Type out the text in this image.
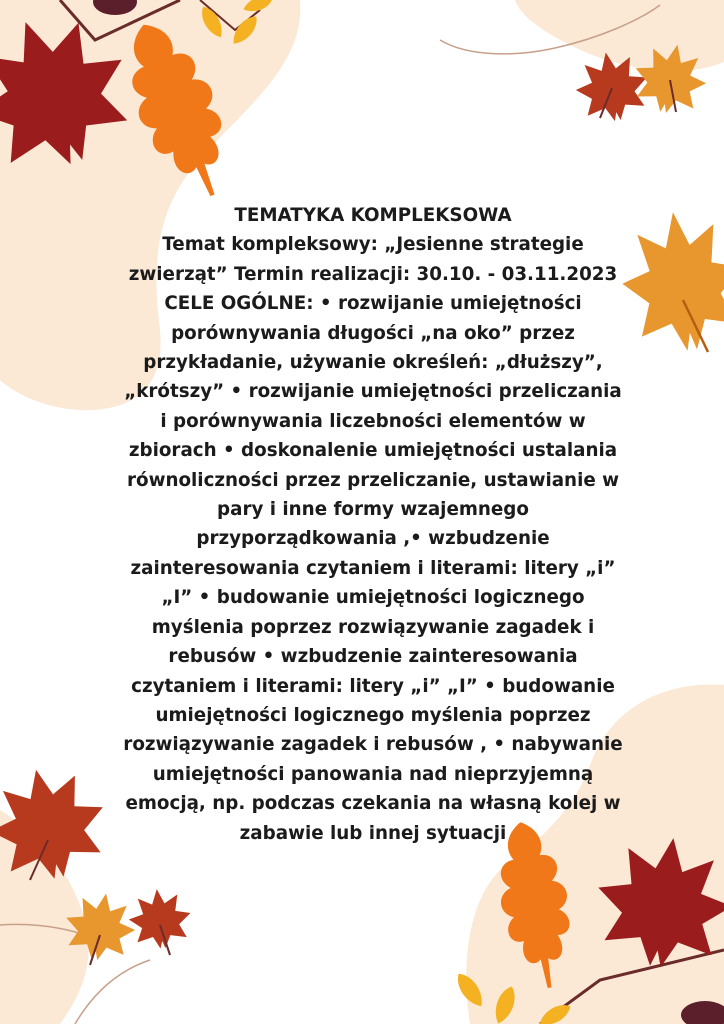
TEMATYKA KOMPLEKSOWA

Temat kompleksowy: „Jesienne strategie zwierząt” Termin realizacji: 30.10. - 03.11.2023 CELE OGÓLNE: • rozwijanie umiejętności porównywania długości „na oko” przez przykładanie, używanie określeń: „dłuższy”, „krótszy” • rozwijanie umiejętności przeliczania i porównywania liczebności elementów w zbiorach • doskonalenie umiejętności ustalania równoliczności przez przeliczanie, ustawianie w pary i inne formy wzajemnego przyporządkowania ,• wzbudzenie zainteresowania czytaniem i literami: litery „i” „I” • budowanie umiejętności logicznego myślenia poprzez rozwiązywanie zagadek i rebusów • wzbudzenie zainteresowania czytaniem i literami: litery „i” „I” • budowanie umiejętności logicznego myślenia poprzez rozwiązywanie zagadek i rebusów , • nabywanie umiejętności panowania nad nieprzyjemną emocją, np. podczas czekania na własną kolej w zabawie lub innej sytuacji
